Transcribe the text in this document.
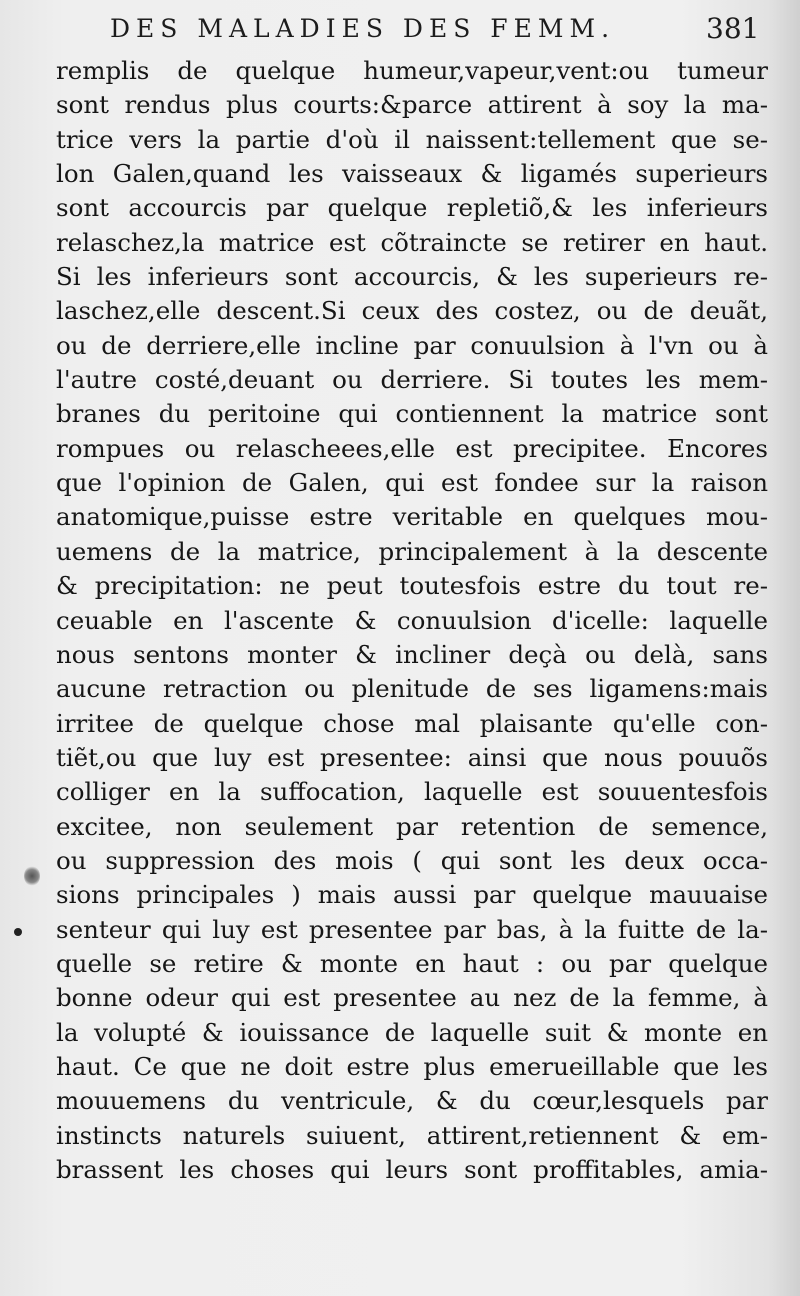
DES MALADIES DES FEMM.	381
remplis de quelque humeur,vapeur,vent:ou tumeur
sont rendus plus courts:&parce attirent à soy la ma-
trice vers la partie d'où il naissent:tellement que se-
lon Galen,quand les vaisseaux & ligamés superieurs
sont accourcis par quelque repletiõ,& les inferieurs
relaschez,la matrice est cõtraincte se retirer en haut.
Si les inferieurs sont accourcis, & les superieurs re-
laschez,elle descent.Si ceux des costez, ou de deuãt,
ou de derriere,elle incline par conuulsion à l'vn ou à
l'autre costé,deuant ou derriere. Si toutes les mem-
branes du peritoine qui contiennent la matrice sont
rompues ou relascheees,elle est precipitee. Encores
que l'opinion de Galen, qui est fondee sur la raison
anatomique,puisse estre veritable en quelques mou-
uemens de la matrice, principalement à la descente
& precipitation: ne peut toutesfois estre du tout re-
ceuable en l'ascente & conuulsion d'icelle: laquelle
nous sentons monter & incliner deçà ou delà, sans
aucune retraction ou plenitude de ses ligamens:mais
irritee de quelque chose mal plaisante qu'elle con-
tiẽt,ou que luy est presentee: ainsi que nous pouuõs
colliger en la suffocation, laquelle est souuentesfois
excitee, non seulement par retention de semence,
ou suppression des mois ( qui sont les deux occa-
sions principales ) mais aussi par quelque mauuaise
senteur qui luy est presentee par bas, à la fuitte de la-
quelle se retire & monte en haut : ou par quelque
bonne odeur qui est presentee au nez de la femme, à
la volupté & iouissance de laquelle suit & monte en
haut. Ce que ne doit estre plus emerueillable que les
mouuemens du ventricule, & du cœur,lesquels par
instincts naturels suiuent, attirent,retiennent & em-
brassent les choses qui leurs sont proffitables, amia-
